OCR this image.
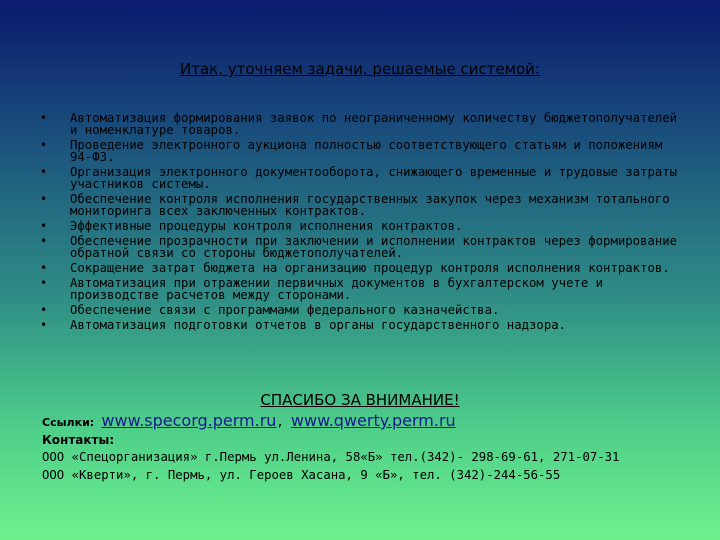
Итак, уточняем задачи, решаемые системой:
• Автоматизация формирования заявок по неограниченному количеству бюджетополучателей и номенклатуре товаров.
• Проведение электронного аукциона полностью соответствующего статьям и положениям 94-ФЗ.
• Организация электронного документооборота, снижающего временные и трудовые затраты участников системы.
• Обеспечение контроля исполнения государственных закупок через механизм тотального мониторинга всех заключенных контрактов.
• Эффективные процедуры контроля исполнения контрактов.
• Обеспечение прозрачности при заключении и исполнении контрактов через формирование обратной связи со стороны бюджетополучателей.
• Сокращение затрат бюджета на организацию процедур контроля исполнения контрактов.
• Автоматизация при отражении первичных документов в бухгалтерском учете и производстве расчетов между сторонами.
• Обеспечение связи с программами федерального казначейства.
• Автоматизация подготовки отчетов в органы государственного надзора.
СПАСИБО ЗА ВНИМАНИЕ!
Ссылки: www.specorg.perm.ru, www.qwerty.perm.ru
Контакты:
ООО «Спецорганизация» г.Пермь ул.Ленина, 58«Б» тел.(342)- 298-69-61, 271-07-31
ООО «Кверти», г. Пермь, ул. Героев Хасана, 9 «Б», тел. (342)-244-56-55
